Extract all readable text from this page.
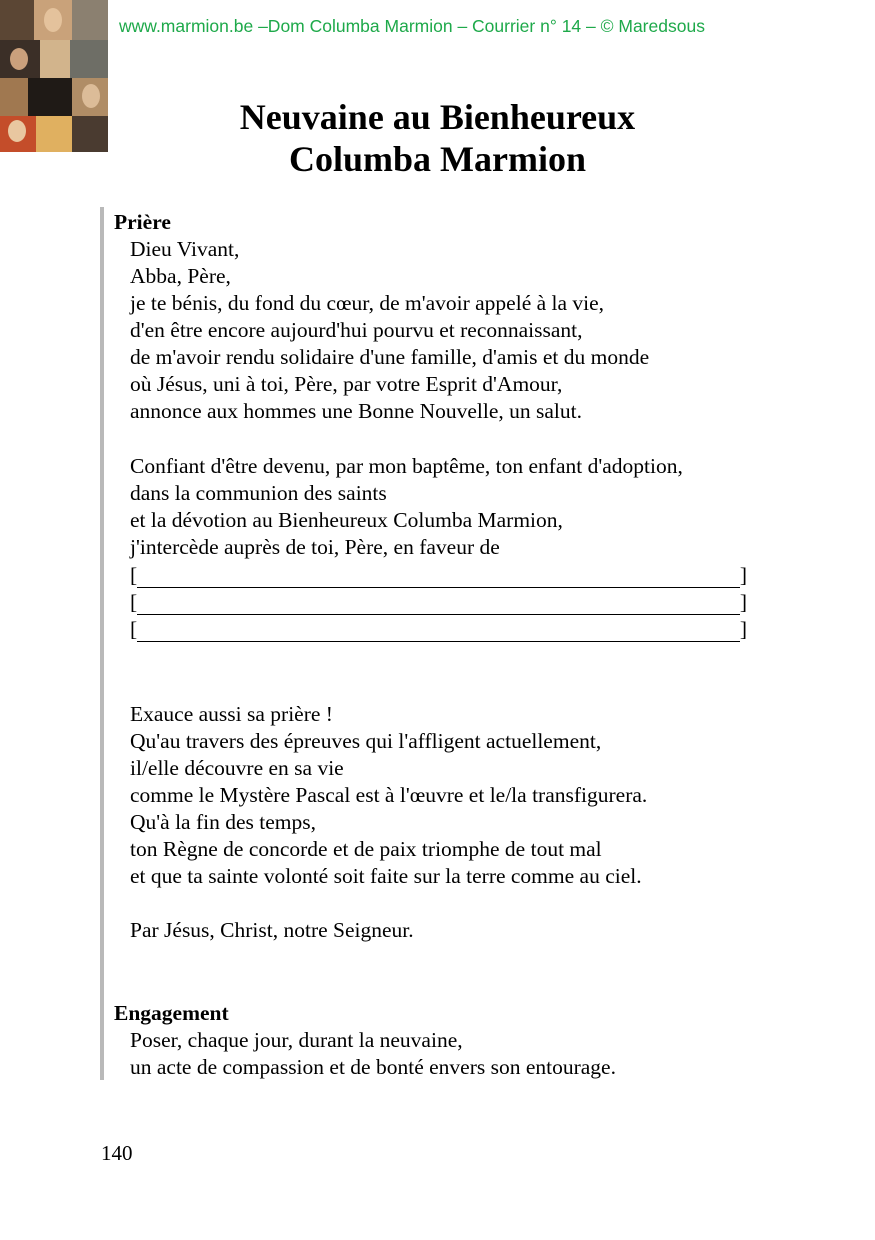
www.marmion.be –Dom Columba Marmion – Courrier n° 14 – © Maredsous
Neuvaine au Bienheureux
Columba Marmion
Prière
Dieu Vivant,
Abba, Père,
je te bénis, du fond du cœur, de m'avoir appelé à la vie,
d'en être encore aujourd'hui pourvu et reconnaissant,
de m'avoir rendu solidaire d'une famille, d'amis et du monde
où Jésus, uni à toi, Père, par votre Esprit d'Amour,
annonce aux hommes une Bonne Nouvelle, un salut.
Confiant d'être devenu, par mon baptême, ton enfant d'adoption,
dans la communion des saints
et la dévotion au Bienheureux Columba Marmion,
j'intercède auprès de toi, Père, en faveur de
[	]
[	]
[	]
Exauce aussi sa prière !
Qu'au travers des épreuves qui l'affligent actuellement,
il/elle découvre en sa vie
comme le Mystère Pascal est à l'œuvre et le/la transfigurera.
Qu'à la fin des temps,
ton Règne de concorde et de paix triomphe de tout mal
et que ta sainte volonté soit faite sur la terre comme au ciel.
Par Jésus, Christ, notre Seigneur.
Engagement
Poser, chaque jour, durant la neuvaine,
un acte de compassion et de bonté envers son entourage.
140
